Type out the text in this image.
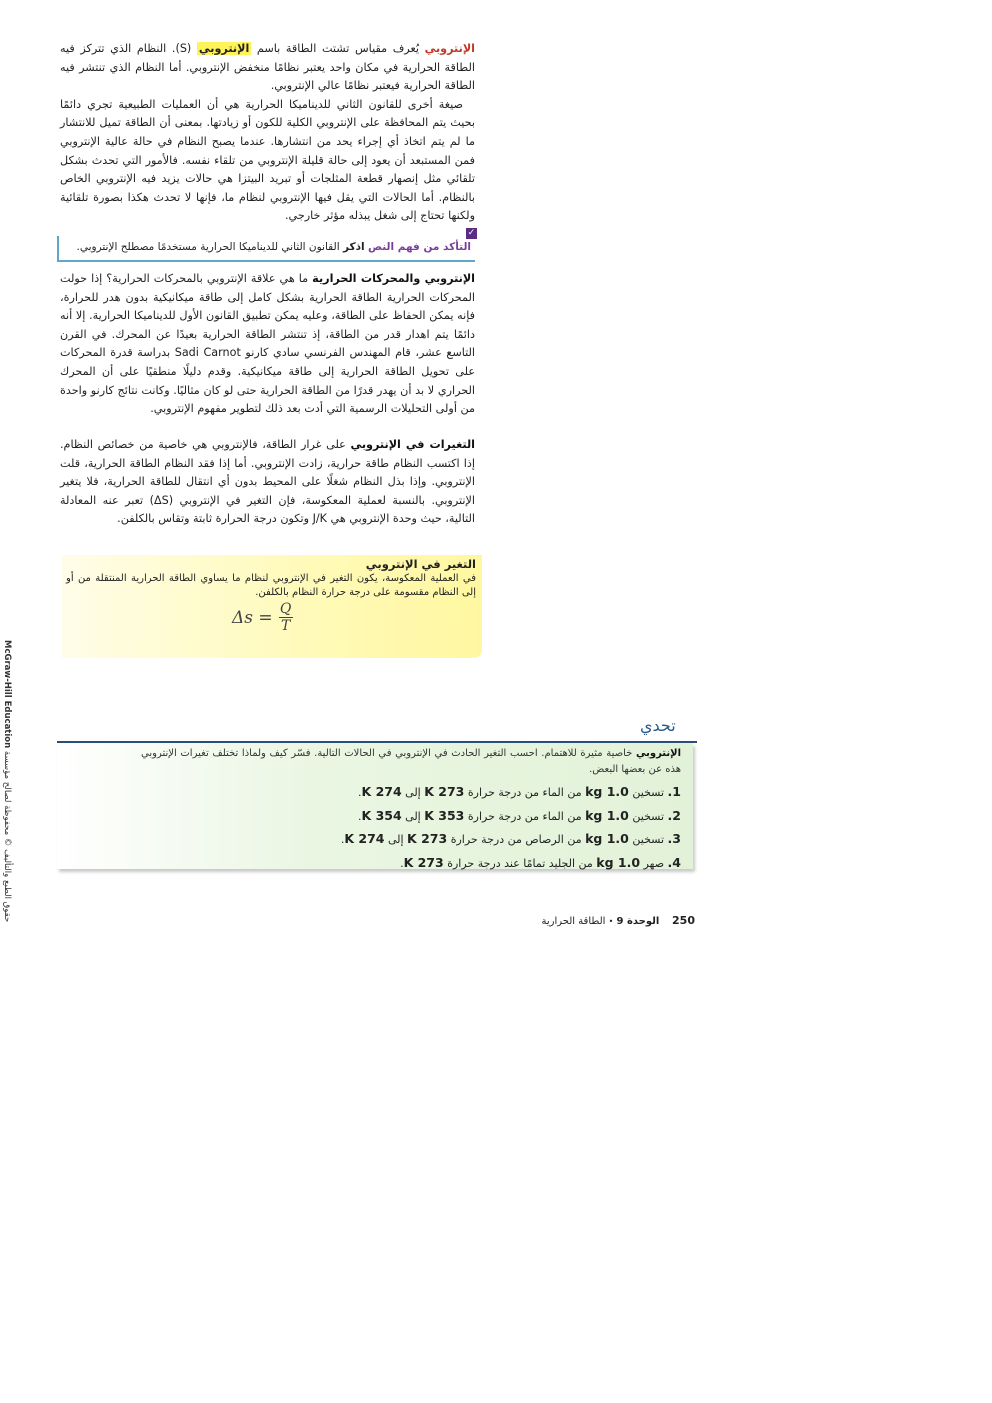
الإنتروبي يُعرف مقياس تشتت الطاقة باسم الإنتروبي (S). النظام الذي تتركز فيه الطاقة الحرارية في مكان واحد يعتبر نظامًا منخفض الإنتروبي. أما النظام الذي تنتشر فيه الطاقة الحرارية فيعتبر نظامًا عالي الإنتروبي.

صيغة أخرى للقانون الثاني للديناميكا الحرارية هي أن العمليات الطبيعية تجري دائمًا بحيث يتم المحافظة على الإنتروبي الكلية للكون أو زيادتها. بمعنى أن الطاقة تميل للانتشار ما لم يتم اتخاذ أي إجراء يحد من انتشارها. عندما يصبح النظام في حالة عالية الإنتروبي فمن المستبعد أن يعود إلى حالة قليلة الإنتروبي من تلقاء نفسه. فالأمور التي تحدث بشكل تلقائي مثل إنصهار قطعة المثلجات أو تبريد البيتزا هي حالات يزيد فيه الإنتروبي الخاص بالنظام. أما الحالات التي يقل فيها الإنتروبي لنظام ما، فإنها لا تحدث هكذا بصورة تلقائية ولكنها تحتاج إلى شغل يبذله مؤثر خارجي.

✓
التأكد من فهم النص اذكر القانون الثاني للديناميكا الحرارية مستخدمًا مصطلح الإنتروبي.

الإنتروبي والمحركات الحرارية ما هي علاقة الإنتروبي بالمحركات الحرارية؟ إذا حولت المحركات الحرارية الطاقة الحرارية بشكل كامل إلى طاقة ميكانيكية بدون هدر للحرارة، فإنه يمكن الحفاظ على الطاقة، وعليه يمكن تطبيق القانون الأول للديناميكا الحرارية. إلا أنه دائمًا يتم اهدار قدر من الطاقة، إذ تنتشر الطاقة الحرارية بعيدًا عن المحرك. في القرن التاسع عشر، قام المهندس الفرنسي سادي كارنو Sadi Carnot بدراسة قدرة المحركات على تحويل الطاقة الحرارية إلى طاقة ميكانيكية. وقدم دليلًا منطقيًا على أن المحرك الحراري لا بد أن يهدر قدرًا من الطاقة الحرارية حتى لو كان مثاليًا. وكانت نتائج كارنو واحدة من أولى التحليلات الرسمية التي أدت بعد ذلك لتطوير مفهوم الإنتروبي.

التغيرات في الإنتروبي على غرار الطاقة، فالإنتروبي هي خاصية من خصائص النظام. إذا اكتسب النظام طاقة حرارية، زادت الإنتروبي. أما إذا فقد النظام الطاقة الحرارية، قلت الإنتروبي. وإذا بذل النظام شغلًا على المحيط بدون أي انتقال للطاقة الحرارية، فلا يتغير الإنتروبي. بالنسبة لعملية المعكوسة، فإن التغير في الإنتروبي (ΔS) تعبر عنه المعادلة التالية، حيث وحدة الإنتروبي هي J/K وتكون درجة الحرارة ثابتة وتقاس بالكلفن.

التغير في الإنتروبي
في العملية المعكوسة، يكون التغير في الإنتروبي لنظام ما يساوي الطاقة الحرارية المنتقلة من أو إلى النظام مقسومة على درجة حرارة النظام بالكلفن.
$\Delta s = \frac{Q}{T}$
McGraw-Hill Education حقوق الطبع والتأليف © محفوظة لصالح مؤسسة
تحدي
الإنتروبي خاصية مثيرة للاهتمام. احسب التغير الحادث في الإنتروبي في الحالات التالية. فسّر كيف ولماذا تختلف تغيرات الإنتروبي هذه عن بعضها البعض.
1. تسخين 1.0 kg من الماء من درجة حرارة 273 K إلى 274 K.
2. تسخين 1.0 kg من الماء من درجة حرارة 353 K إلى 354 K.
3. تسخين 1.0 kg من الرصاص من درجة حرارة 273 K إلى 274 K.
4. صهر 1.0 kg من الجليد تمامًا عند درجة حرارة 273 K.
250    الوحدة 9 • الطاقة الحرارية
